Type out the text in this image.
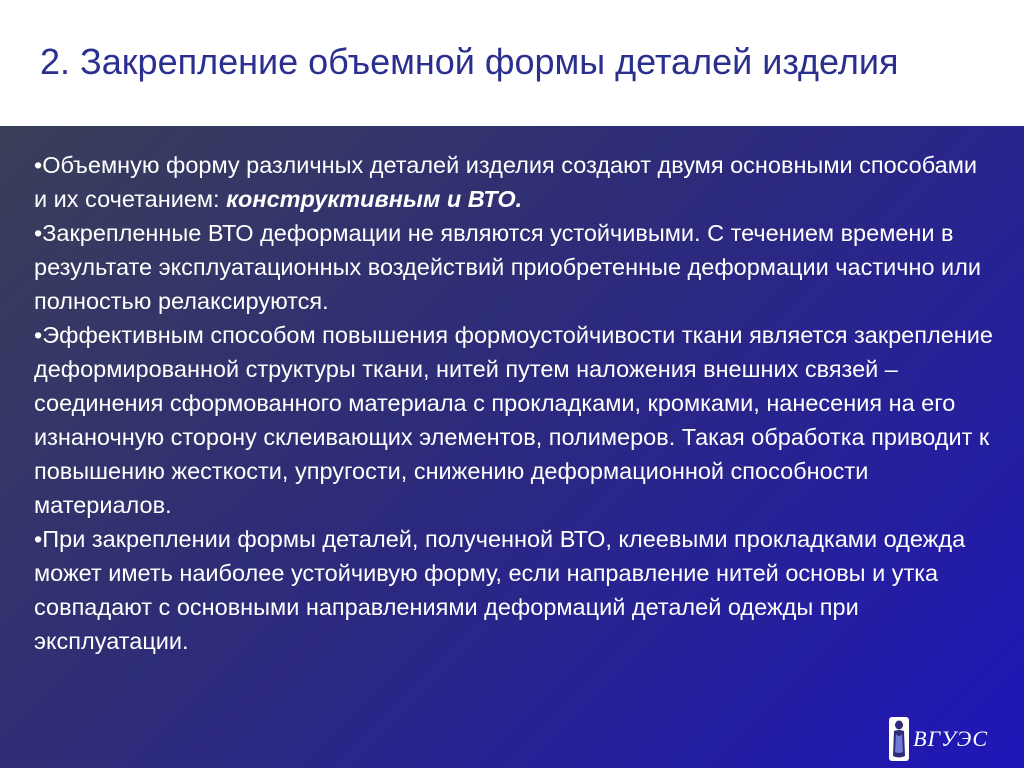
2. Закрепление объемной формы деталей изделия

•Объемную форму различных деталей изделия создают двумя основными способами и их сочетанием: конструктивным и ВТО.

•Закрепленные ВТО деформации не являются устойчивыми. С течением времени в результате эксплуатационных воздействий приобретенные деформации частично или полностью релаксируются.

•Эффективным способом повышения формоустойчивости ткани является закрепление деформированной структуры ткани, нитей путем наложения внешних связей – соединения сформованного материала с прокладками, кромками, нанесения на его изнаночную сторону склеивающих элементов, полимеров. Такая обработка приводит к повышению жесткости, упругости, снижению деформационной способности материалов.

•При закреплении формы деталей, полученной ВТО, клеевыми прокладками одежда может иметь наиболее устойчивую форму, если направление нитей основы и утка совпадают с основными направлениями деформаций деталей одежды при эксплуатации.

ВГУЭС
